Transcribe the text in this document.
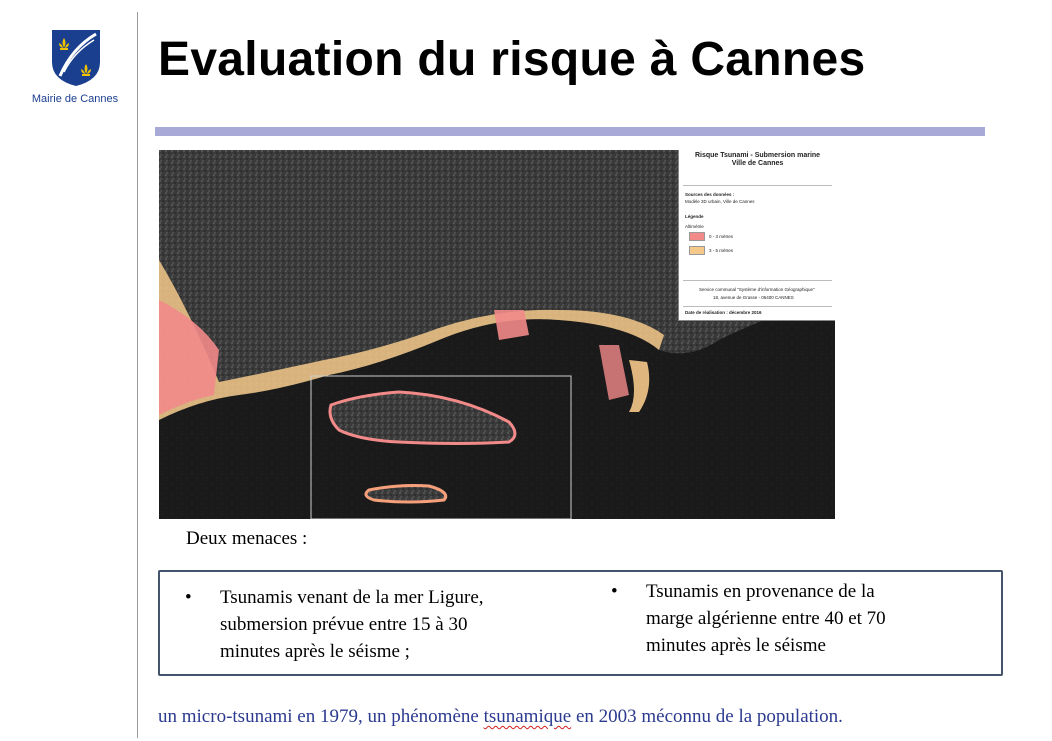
Mairie de Cannes
Evaluation du risque à Cannes
Risque Tsunami - Submersion marine
Ville de Cannes
Sources des données :
Modèle 3D urbain, Ville de Cannes
Légende
Altimétrie
0 - 3 mètres
3 - 5 mètres
Service communal "Système d'information Géographique"
18, avenue de Grasse - 06400 CANNES
Date de réalisation : décembre 2016
Deux menaces :
• Tsunamis venant de la mer Ligure,
submersion prévue entre 15 à 30
minutes après le séisme ;
• Tsunamis en provenance de la
marge algérienne entre 40 et 70
minutes après le séisme
un micro-tsunami en 1979, un phénomène tsunamique en 2003 méconnu de la population.
